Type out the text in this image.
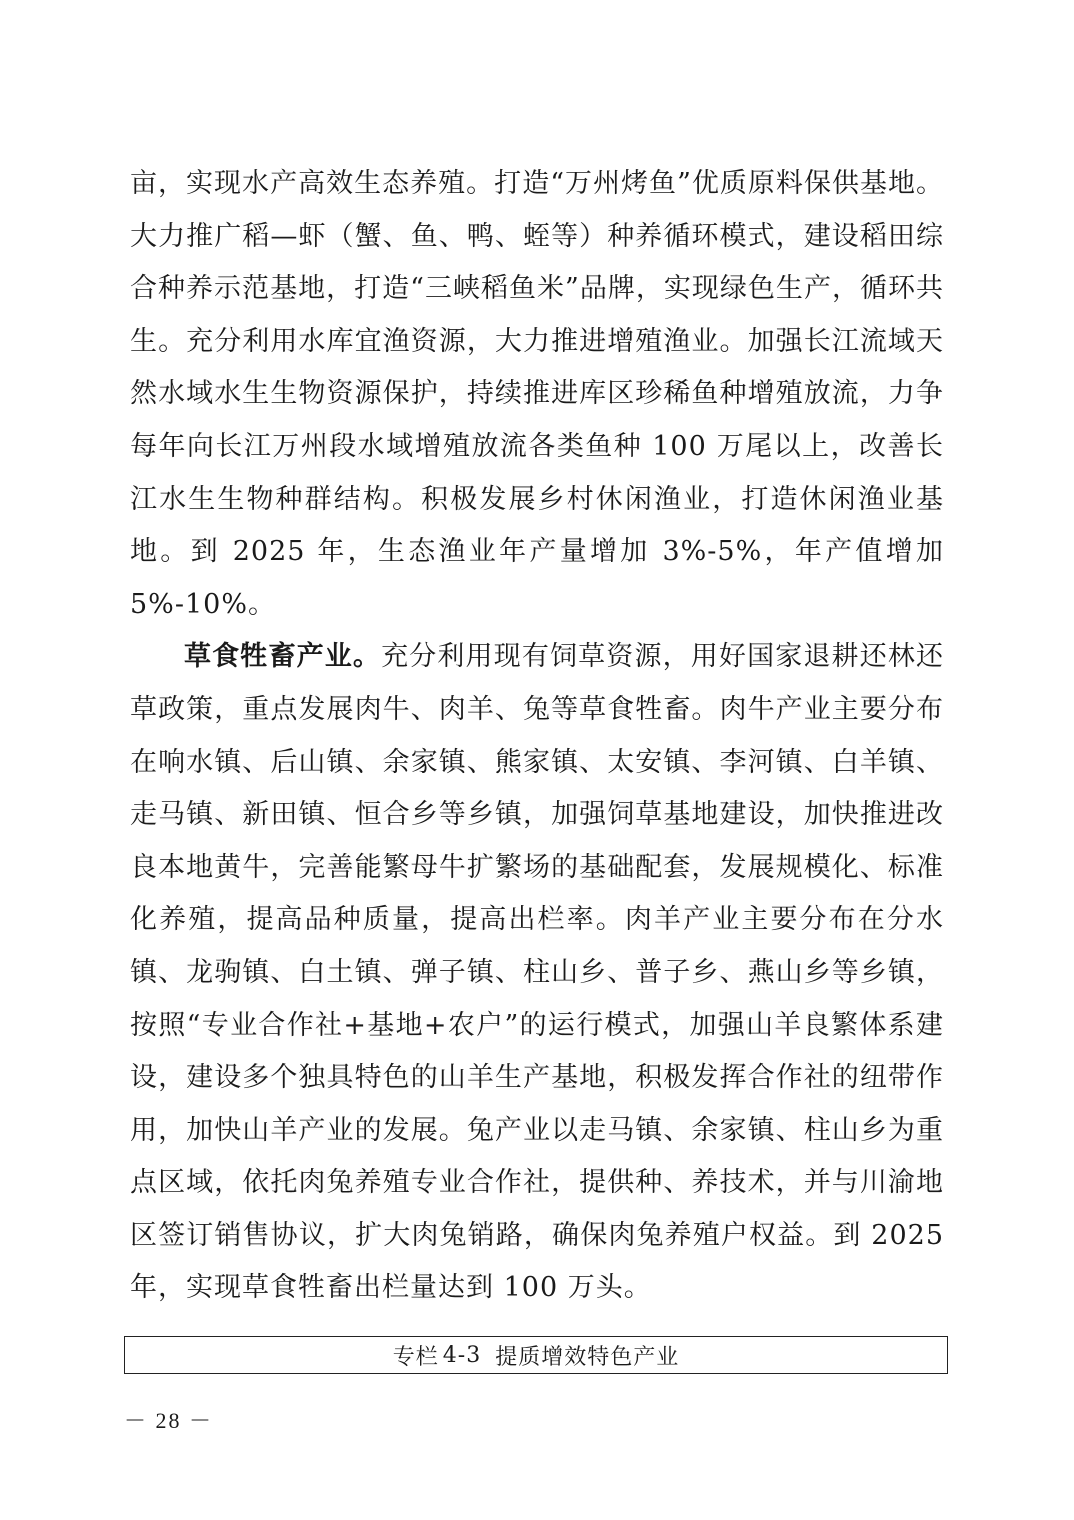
亩，实现水产高效生态养殖。打造“万州烤鱼”优质原料保供基地。大力推广稻—虾（蟹、鱼、鸭、蛭等）种养循环模式，建设稻田综合种养示范基地，打造“三峡稻鱼米”品牌，实现绿色生产，循环共生。充分利用水库宜渔资源，大力推进增殖渔业。加强长江流域天然水域水生生物资源保护，持续推进库区珍稀鱼种增殖放流，力争每年向长江万州段水域增殖放流各类鱼种 100 万尾以上，改善长江水生生物种群结构。积极发展乡村休闲渔业，打造休闲渔业基地。到 2025 年，生态渔业年产量增加 3%-5%，年产值增加 5%-10%。

草食牲畜产业。充分利用现有饲草资源，用好国家退耕还林还草政策，重点发展肉牛、肉羊、兔等草食牲畜。肉牛产业主要分布在响水镇、后山镇、余家镇、熊家镇、太安镇、李河镇、白羊镇、走马镇、新田镇、恒合乡等乡镇，加强饲草基地建设，加快推进改良本地黄牛，完善能繁母牛扩繁场的基础配套，发展规模化、标准化养殖，提高品种质量，提高出栏率。肉羊产业主要分布在分水镇、龙驹镇、白土镇、弹子镇、柱山乡、普子乡、燕山乡等乡镇，按照“专业合作社+基地+农户”的运行模式，加强山羊良繁体系建设，建设多个独具特色的山羊生产基地，积极发挥合作社的纽带作用，加快山羊产业的发展。兔产业以走马镇、余家镇、柱山乡为重点区域，依托肉兔养殖专业合作社，提供种、养技术，并与川渝地区签订销售协议，扩大肉兔销路，确保肉兔养殖户权益。到 2025 年，实现草食牲畜出栏量达到 100 万头。

专栏 4-3 提质增效特色产业
－ 28 －
